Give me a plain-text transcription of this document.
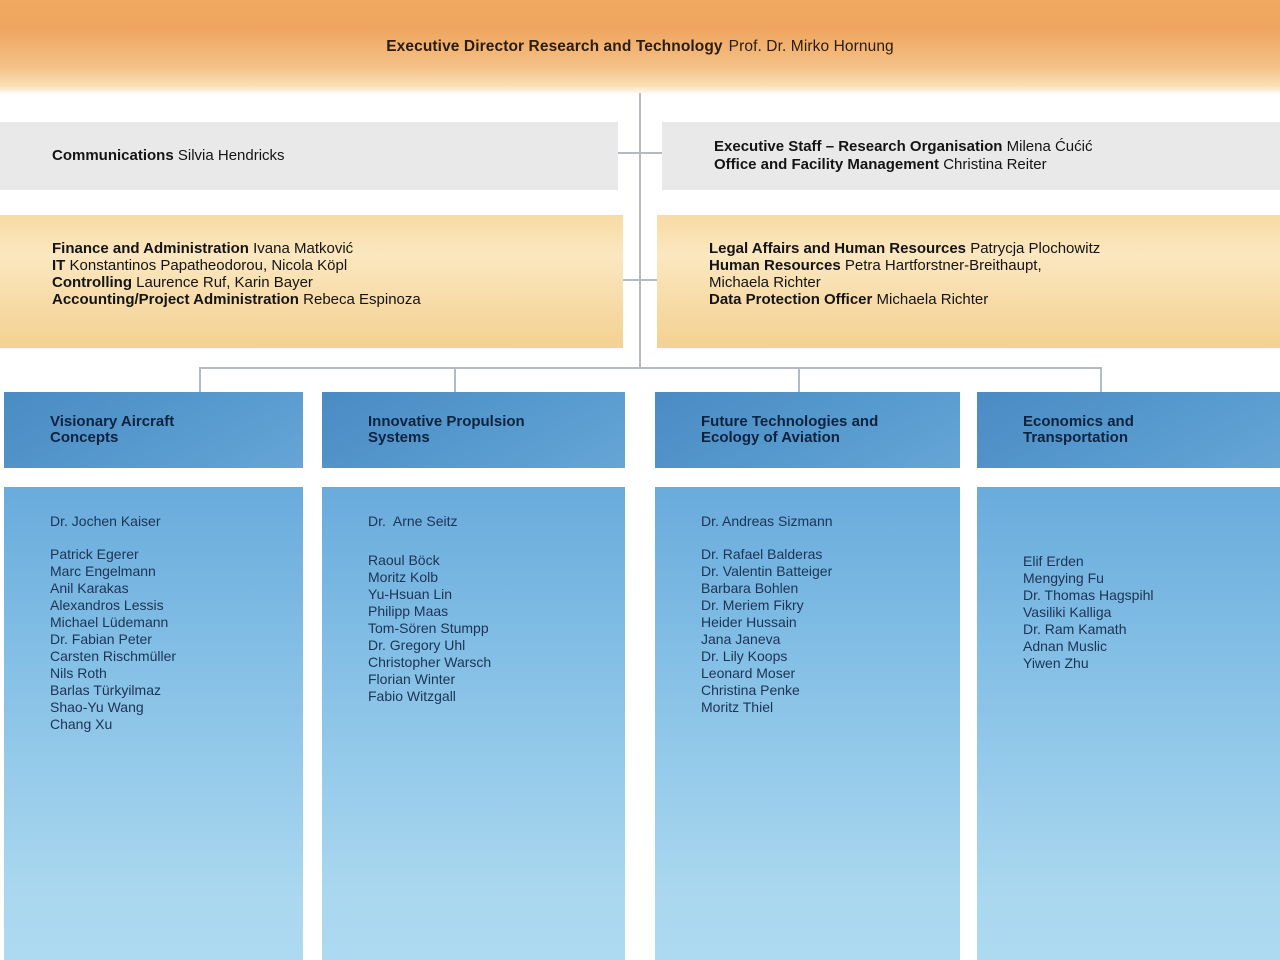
Executive Director Research and Technology Prof. Dr. Mirko Hornung
Communications Silvia Hendricks
Executive Staff – Research Organisation Milena Ćućić
Office and Facility Management Christina Reiter
Finance and Administration Ivana Matković
IT Konstantinos Papatheodorou, Nicola Köpl
Controlling Laurence Ruf, Karin Bayer
Accounting/Project Administration Rebeca Espinoza
Legal Affairs and Human Resources Patrycja Plochowitz
Human Resources Petra Hartforstner-Breithaupt,
Michaela Richter
Data Protection Officer Michaela Richter
Visionary Aircraft
Concepts
Innovative Propulsion
Systems
Future Technologies and
Ecology of Aviation
Economics and
Transportation
Dr. Jochen Kaiser
Patrick Egerer
Marc Engelmann
Anil Karakas
Alexandros Lessis
Michael Lüdemann
Dr. Fabian Peter
Carsten Rischmüller
Nils Roth
Barlas Türkyilmaz
Shao-Yu Wang
Chang Xu
Dr.  Arne Seitz
Raoul Böck
Moritz Kolb
Yu-Hsuan Lin
Philipp Maas
Tom-Sören Stumpp
Dr. Gregory Uhl
Christopher Warsch
Florian Winter
Fabio Witzgall
Dr. Andreas Sizmann
Dr. Rafael Balderas
Dr. Valentin Batteiger
Barbara Bohlen
Dr. Meriem Fikry
Heider Hussain
Jana Janeva
Dr. Lily Koops
Leonard Moser
Christina Penke
Moritz Thiel
Elif Erden
Mengying Fu
Dr. Thomas Hagspihl
Vasiliki Kalliga
Dr. Ram Kamath
Adnan Muslic
Yiwen Zhu
